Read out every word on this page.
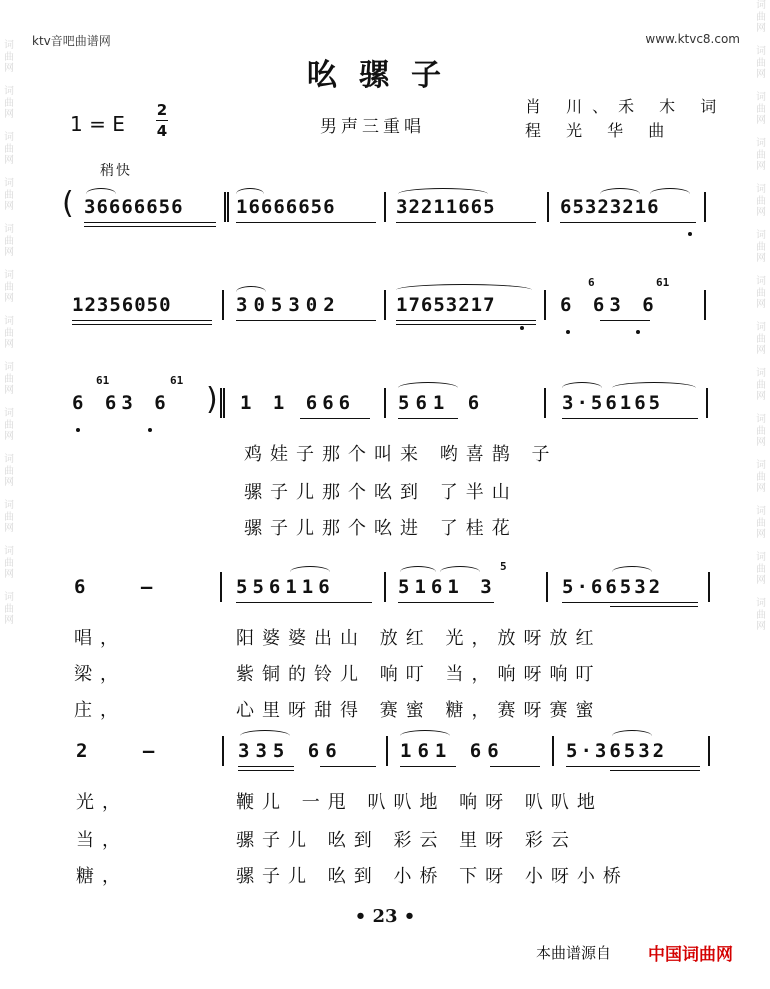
词曲网

词曲网

词曲网

词曲网

词曲网

词曲网

词曲网

词曲网

词曲网

词曲网

词曲网

词曲网

词曲网
词曲网

词曲网

词曲网

词曲网

词曲网

词曲网

词曲网

词曲网

词曲网

词曲网

词曲网

词曲网

词曲网

词曲网
ktv音吧曲谱网	www.ktvc8.com
吆骡子
1 = E
2
4	男声三重唱
肖 川、禾 木 词
程 光 华 曲
稍快
( 36666656	16666656	32211665	65323216
12356050	305302	17653217	6 63 6
6	61
)
6 63 6	1 1 666 561 6	3·56165
61	61
鸡娃子那个叫来 哟喜鹊 子
骡子儿那个吆到 了半山
骡子儿那个吆进 了桂花
6 —	556116	5161 3	5·66532
5
唱，	阳婆婆出山 放红 光，放呀放红
梁，	紫铜的铃儿 响叮 当，响呀响叮
庄，	心里呀甜得 赛蜜 糖，赛呀赛蜜
2 —	335 66	161 66	5·36532
光，	鞭儿 一甩 叭叭地 响呀 叭叭地
当，	骡子儿 吆到 彩云 里呀 彩云
糖，	骡子儿 吆到 小桥 下呀 小呀小桥
• 23 •
本曲谱源自 中国词曲网
